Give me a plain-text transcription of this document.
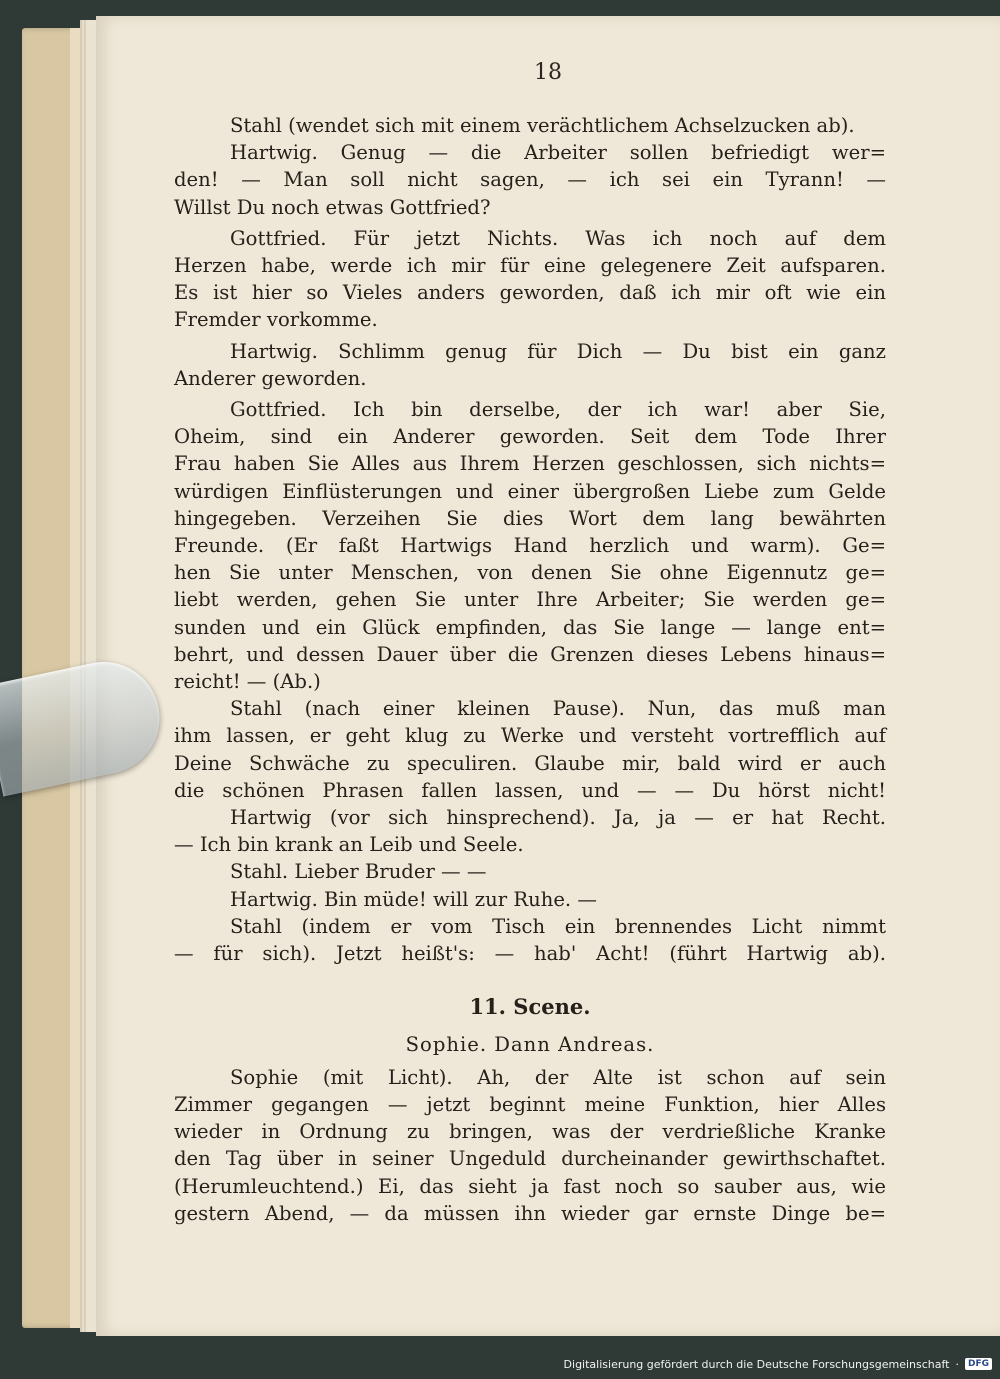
18
Stahl (wendet sich mit einem verächtlichem Achselzucken ab).
Hartwig. Genug — die Arbeiter sollen befriedigt wer=
den! — Man soll nicht sagen, — ich sei ein Tyrann! —
Willst Du noch etwas Gottfried?
Gottfried. Für jetzt Nichts. Was ich noch auf dem
Herzen habe, werde ich mir für eine gelegenere Zeit aufsparen.
Es ist hier so Vieles anders geworden, daß ich mir oft wie ein
Fremder vorkomme.
Hartwig. Schlimm genug für Dich — Du bist ein ganz
Anderer geworden.
Gottfried. Ich bin derselbe, der ich war! aber Sie,
Oheim, sind ein Anderer geworden. Seit dem Tode Ihrer
Frau haben Sie Alles aus Ihrem Herzen geschlossen, sich nichts=
würdigen Einflüsterungen und einer übergroßen Liebe zum Gelde
hingegeben. Verzeihen Sie dies Wort dem lang bewährten
Freunde. (Er faßt Hartwigs Hand herzlich und warm). Ge=
hen Sie unter Menschen, von denen Sie ohne Eigennutz ge=
liebt werden, gehen Sie unter Ihre Arbeiter; Sie werden ge=
sunden und ein Glück empfinden, das Sie lange — lange ent=
behrt, und dessen Dauer über die Grenzen dieses Lebens hinaus=
reicht! — (Ab.)
Stahl (nach einer kleinen Pause). Nun, das muß man
ihm lassen, er geht klug zu Werke und versteht vortrefflich auf
Deine Schwäche zu speculiren. Glaube mir, bald wird er auch
die schönen Phrasen fallen lassen, und — — Du hörst nicht!
Hartwig (vor sich hinsprechend). Ja, ja — er hat Recht.
— Ich bin krank an Leib und Seele.
Stahl. Lieber Bruder — —
Hartwig. Bin müde! will zur Ruhe. —
Stahl (indem er vom Tisch ein brennendes Licht nimmt
— für sich). Jetzt heißt's: — hab' Acht! (führt Hartwig ab).
11. Scene.
Sophie. Dann Andreas.
Sophie (mit Licht). Ah, der Alte ist schon auf sein
Zimmer gegangen — jetzt beginnt meine Funktion, hier Alles
wieder in Ordnung zu bringen, was der verdrießliche Kranke
den Tag über in seiner Ungeduld durcheinander gewirthschaftet.
(Herumleuchtend.) Ei, das sieht ja fast noch so sauber aus, wie
gestern Abend, — da müssen ihn wieder gar ernste Dinge be=
Digitalisierung gefördert durch die Deutsche Forschungsgemeinschaft ·	DFG
